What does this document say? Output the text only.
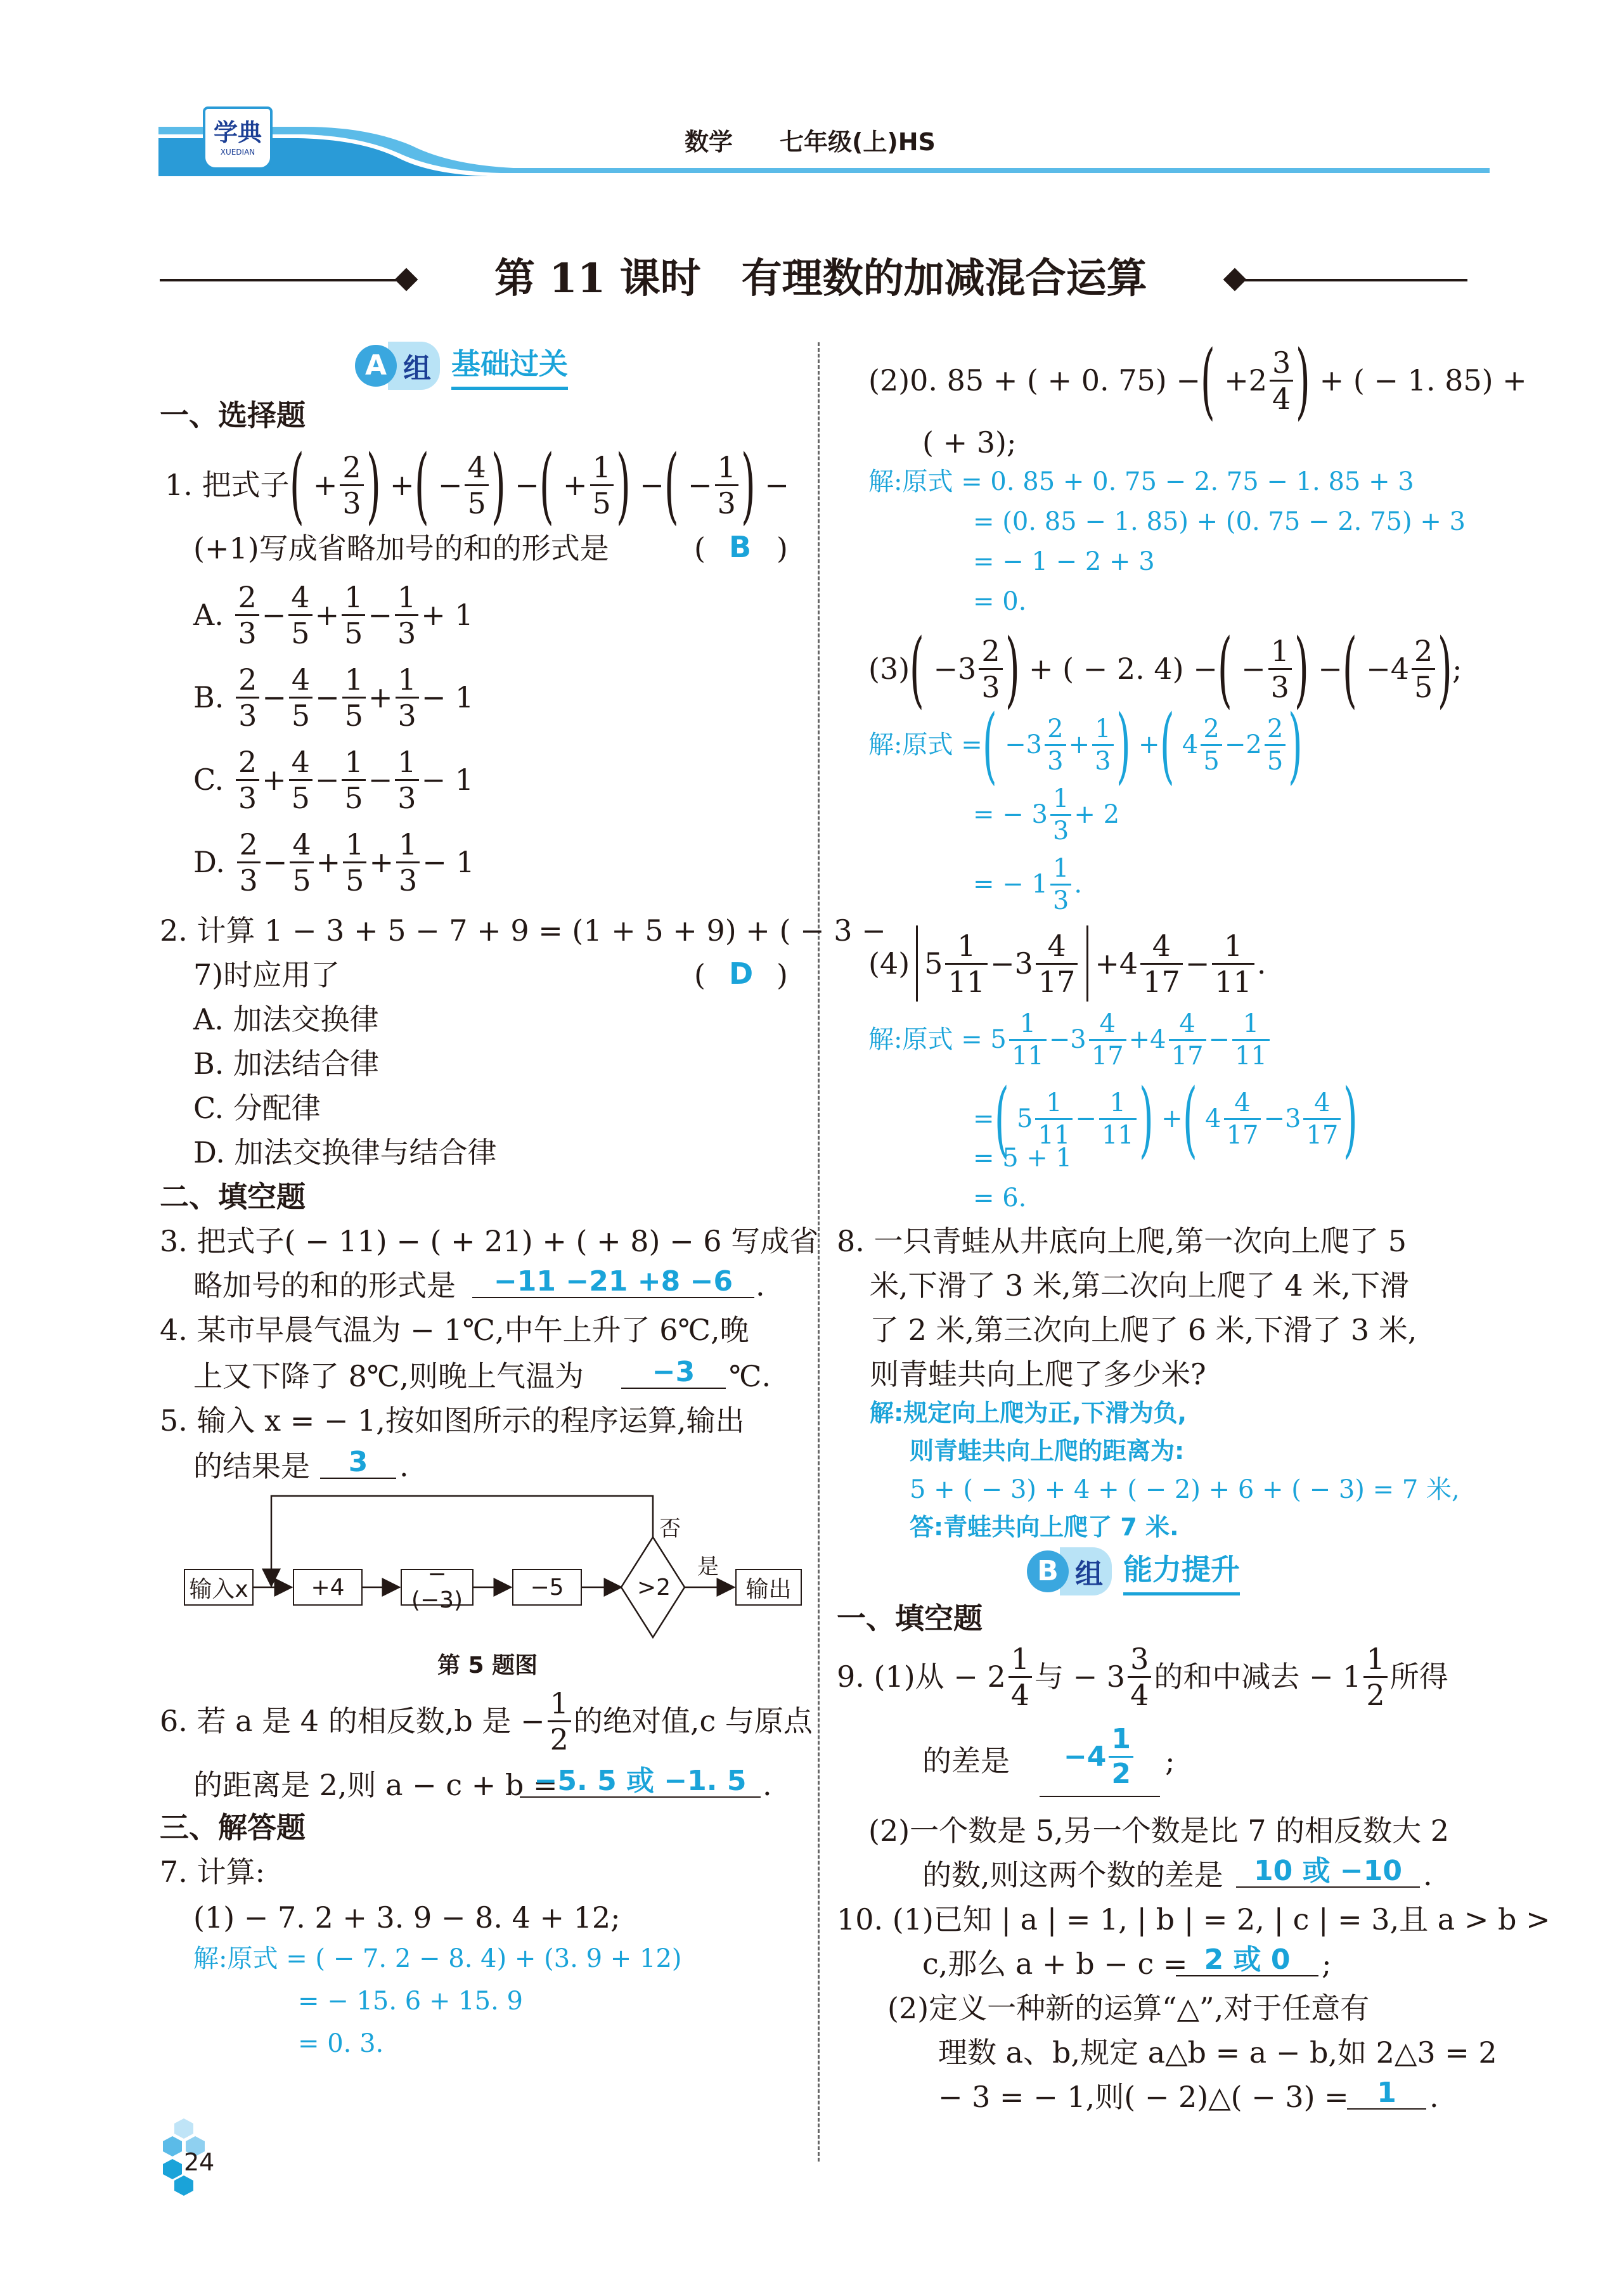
学典
XUEDIAN	数学 七年级(上)HS
第 11 课时　有理数的加减混合运算
A 组 基础过关
一、选择题
1.
把式子 ( + $\frac{2}{3}$ ) + ( − $\frac{4}{5}$ ) − ( + $\frac{1}{5}$ ) − ( − $\frac{1}{3}$ ) −
(+1)写成省略加号的和的形式是	( B )
A.
$\frac{2}{3} - \frac{4}{5} + \frac{1}{5} - \frac{1}{3} + 1$
B.
$\frac{2}{3} - \frac{4}{5} - \frac{1}{5} + \frac{1}{3} - 1$
C.
$\frac{2}{3} + \frac{4}{5} - \frac{1}{5} - \frac{1}{3} - 1$
D.
$\frac{2}{3} - \frac{4}{5} + \frac{1}{5} + \frac{1}{3} - 1$
2. 计算 1 − 3 + 5 − 7 + 9 = (1 + 5 + 9) + ( − 3 −
7)时应用了	( D )
A. 加法交换律
B. 加法结合律
C. 分配律
D. 加法交换律与结合律
二、填空题
3. 把式子( − 11) − ( + 21) + ( + 8) − 6 写成省
略加号的和的形式是	−11 −21 +8 −6 .
4. 某市早晨气温为 − 1℃,中午上升了 6℃,晚
上又下降了 8℃,则晚上气温为	−3	℃.
5. 输入 x = − 1,按如图所示的程序运算,输出
的结果是	3	.
输入x	+4	−(−3)	−5	输出
>2
是
否
第 5 题图
6. 若 a 是 4 的相反数,b 是 − $\frac{1}{2}$ 的绝对值,c 与原点
的距离是 2,则 a − c + b =
−5. 5 或 −1. 5 .
三、解答题
7. 计算:
(1) − 7. 2 + 3. 9 − 8. 4 + 12;
解:原式 = ( − 7. 2 − 8. 4) + (3. 9 + 12)
= − 15. 6 + 15. 9
= 0. 3.
(2)0. 85 + ( + 0. 75) − ( $+2 \frac{3}{4}$ )
+ ( − 1. 85) +
( + 3);
解:原式 = 0. 85 + 0. 75 − 2. 75 − 1. 85 + 3
= (0. 85 − 1. 85) + (0. 75 − 2. 75) + 3
= − 1 − 2 + 3
= 0.
(3) ( $-3 \frac{2}{3}$ ) + ( − 2. 4) − ( − $\frac{1}{3}$ ) − ( $-4 \frac{2}{5}$ ) ;
解:原式 = ( $-3 \frac{2}{3} + \frac{1}{3}$ ) + ( $4 \frac{2}{5} -2 \frac{2}{5}$ )
= − $3 \frac{1}{3} + 2$
= − $1 \frac{1}{3}$ .
(4) 5
1
11
−3
4
17
+4
4
17
−
1
11
.
解:原式 = 5
1
11
−3
4
17
+4
4
17
−
1
11
= ( 5
1
11
−
1
11 ) + ( 4
4
17
−3
4
17 )
= 5 + 1
= 6.
8. 一只青蛙从井底向上爬,第一次向上爬了 5
米,下滑了 3 米,第二次向上爬了 4 米,下滑
了 2 米,第三次向上爬了 6 米,下滑了 3 米,
则青蛙共向上爬了多少米?
解:规定向上爬为正,下滑为负,
则青蛙共向上爬的距离为:
5 + ( − 3) + 4 + ( − 2) + 6 + ( − 3) = 7 米,
答:青蛙共向上爬了 7 米.
B 组 能力提升
一、填空题
9. (1)从 − $2 \frac{1}{4}$ 与 − $3 \frac{3}{4}$ 的和中减去 − $1 \frac{1}{2}$ 所得
的差是 $-4 \frac{1}{2}$ ;
(2)一个数是 5,另一个数是比 7 的相反数大 2
的数,则这两个数的差是	10 或 −10 .
10. (1)已知 | a | = 1, | b | = 2, | c | = 3,且 a > b >
c,那么 a + b − c = 2 或 0	;
(2)定义一种新的运算“△”,对于任意有
理数 a、b,规定 a△b = a − b,如 2△3 = 2
− 3 = − 1,则( − 2)△( − 3) =	1	.
24
